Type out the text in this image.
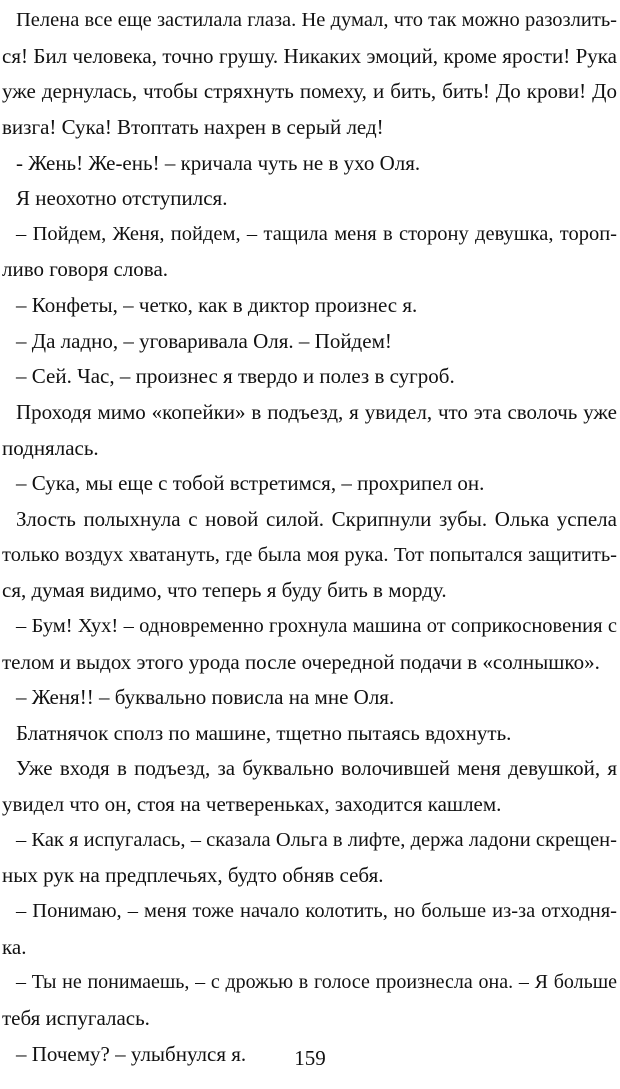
Пелена все еще застилала глаза. Не думал, что так можно разозлить-
ся! Бил человека, точно грушу. Никаких эмоций, кроме ярости! Рука
уже дернулась, чтобы стряхнуть помеху, и бить, бить! До крови! До
визга! Сука! Втоптать нахрен в серый лед!
- Жень! Же-ень! – кричала чуть не в ухо Оля.
Я неохотно отступился.
– Пойдем, Женя, пойдем, – тащила меня в сторону девушка, тороп-
ливо говоря слова.
– Конфеты, – четко, как в диктор произнес я.
– Да ладно, – уговаривала Оля. – Пойдем!
– Сей. Час, – произнес я твердо и полез в сугроб.
Проходя мимо «копейки» в подъезд, я увидел, что эта сволочь уже
поднялась.
– Сука, мы еще с тобой встретимся, – прохрипел он.
Злость полыхнула с новой силой. Скрипнули зубы. Олька успела
только воздух хватануть, где была моя рука. Тот попытался защитить-
ся, думая видимо, что теперь я буду бить в морду.
– Бум! Хух! – одновременно грохнула машина от соприкосновения с
телом и выдох этого урода после очередной подачи в «солнышко».
– Женя!! – буквально повисла на мне Оля.
Блатнячок сполз по машине, тщетно пытаясь вдохнуть.
Уже входя в подъезд, за буквально волочившей меня девушкой, я
увидел что он, стоя на четвереньках, заходится кашлем.
– Как я испугалась, – сказала Ольга в лифте, держа ладони скрещен-
ных рук на предплечьях, будто обняв себя.
– Понимаю, – меня тоже начало колотить, но больше из-за отходня-
ка.
– Ты не понимаешь, – с дрожью в голосе произнесла она. – Я больше
тебя испугалась.
– Почему? – улыбнулся я.	159
